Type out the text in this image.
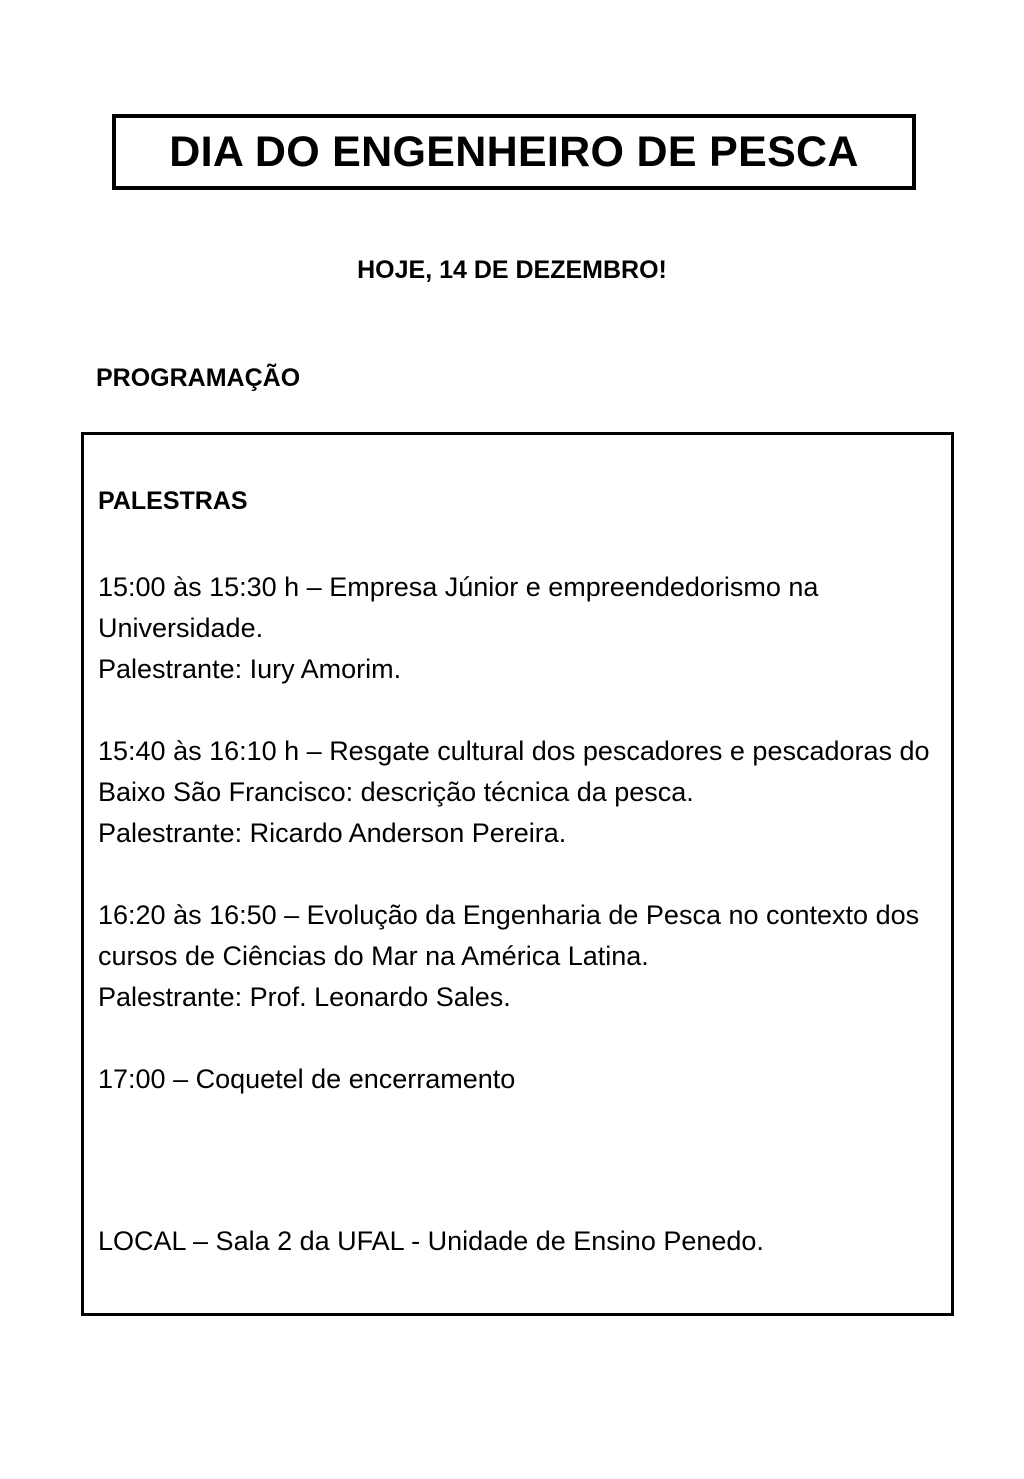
DIA DO ENGENHEIRO DE PESCA
HOJE, 14 DE DEZEMBRO!
PROGRAMAÇÃO
PALESTRAS

15:00 às 15:30 h – Empresa Júnior e empreendedorismo na Universidade.

Palestrante: Iury Amorim.

15:40 às 16:10 h – Resgate cultural dos pescadores e pescadoras do Baixo São Francisco: descrição técnica da pesca.

Palestrante: Ricardo Anderson Pereira.

16:20 às 16:50 – Evolução da Engenharia de Pesca no contexto dos cursos de Ciências do Mar na América Latina.

Palestrante: Prof. Leonardo Sales.

17:00 – Coquetel de encerramento

LOCAL – Sala 2 da UFAL - Unidade de Ensino Penedo.
